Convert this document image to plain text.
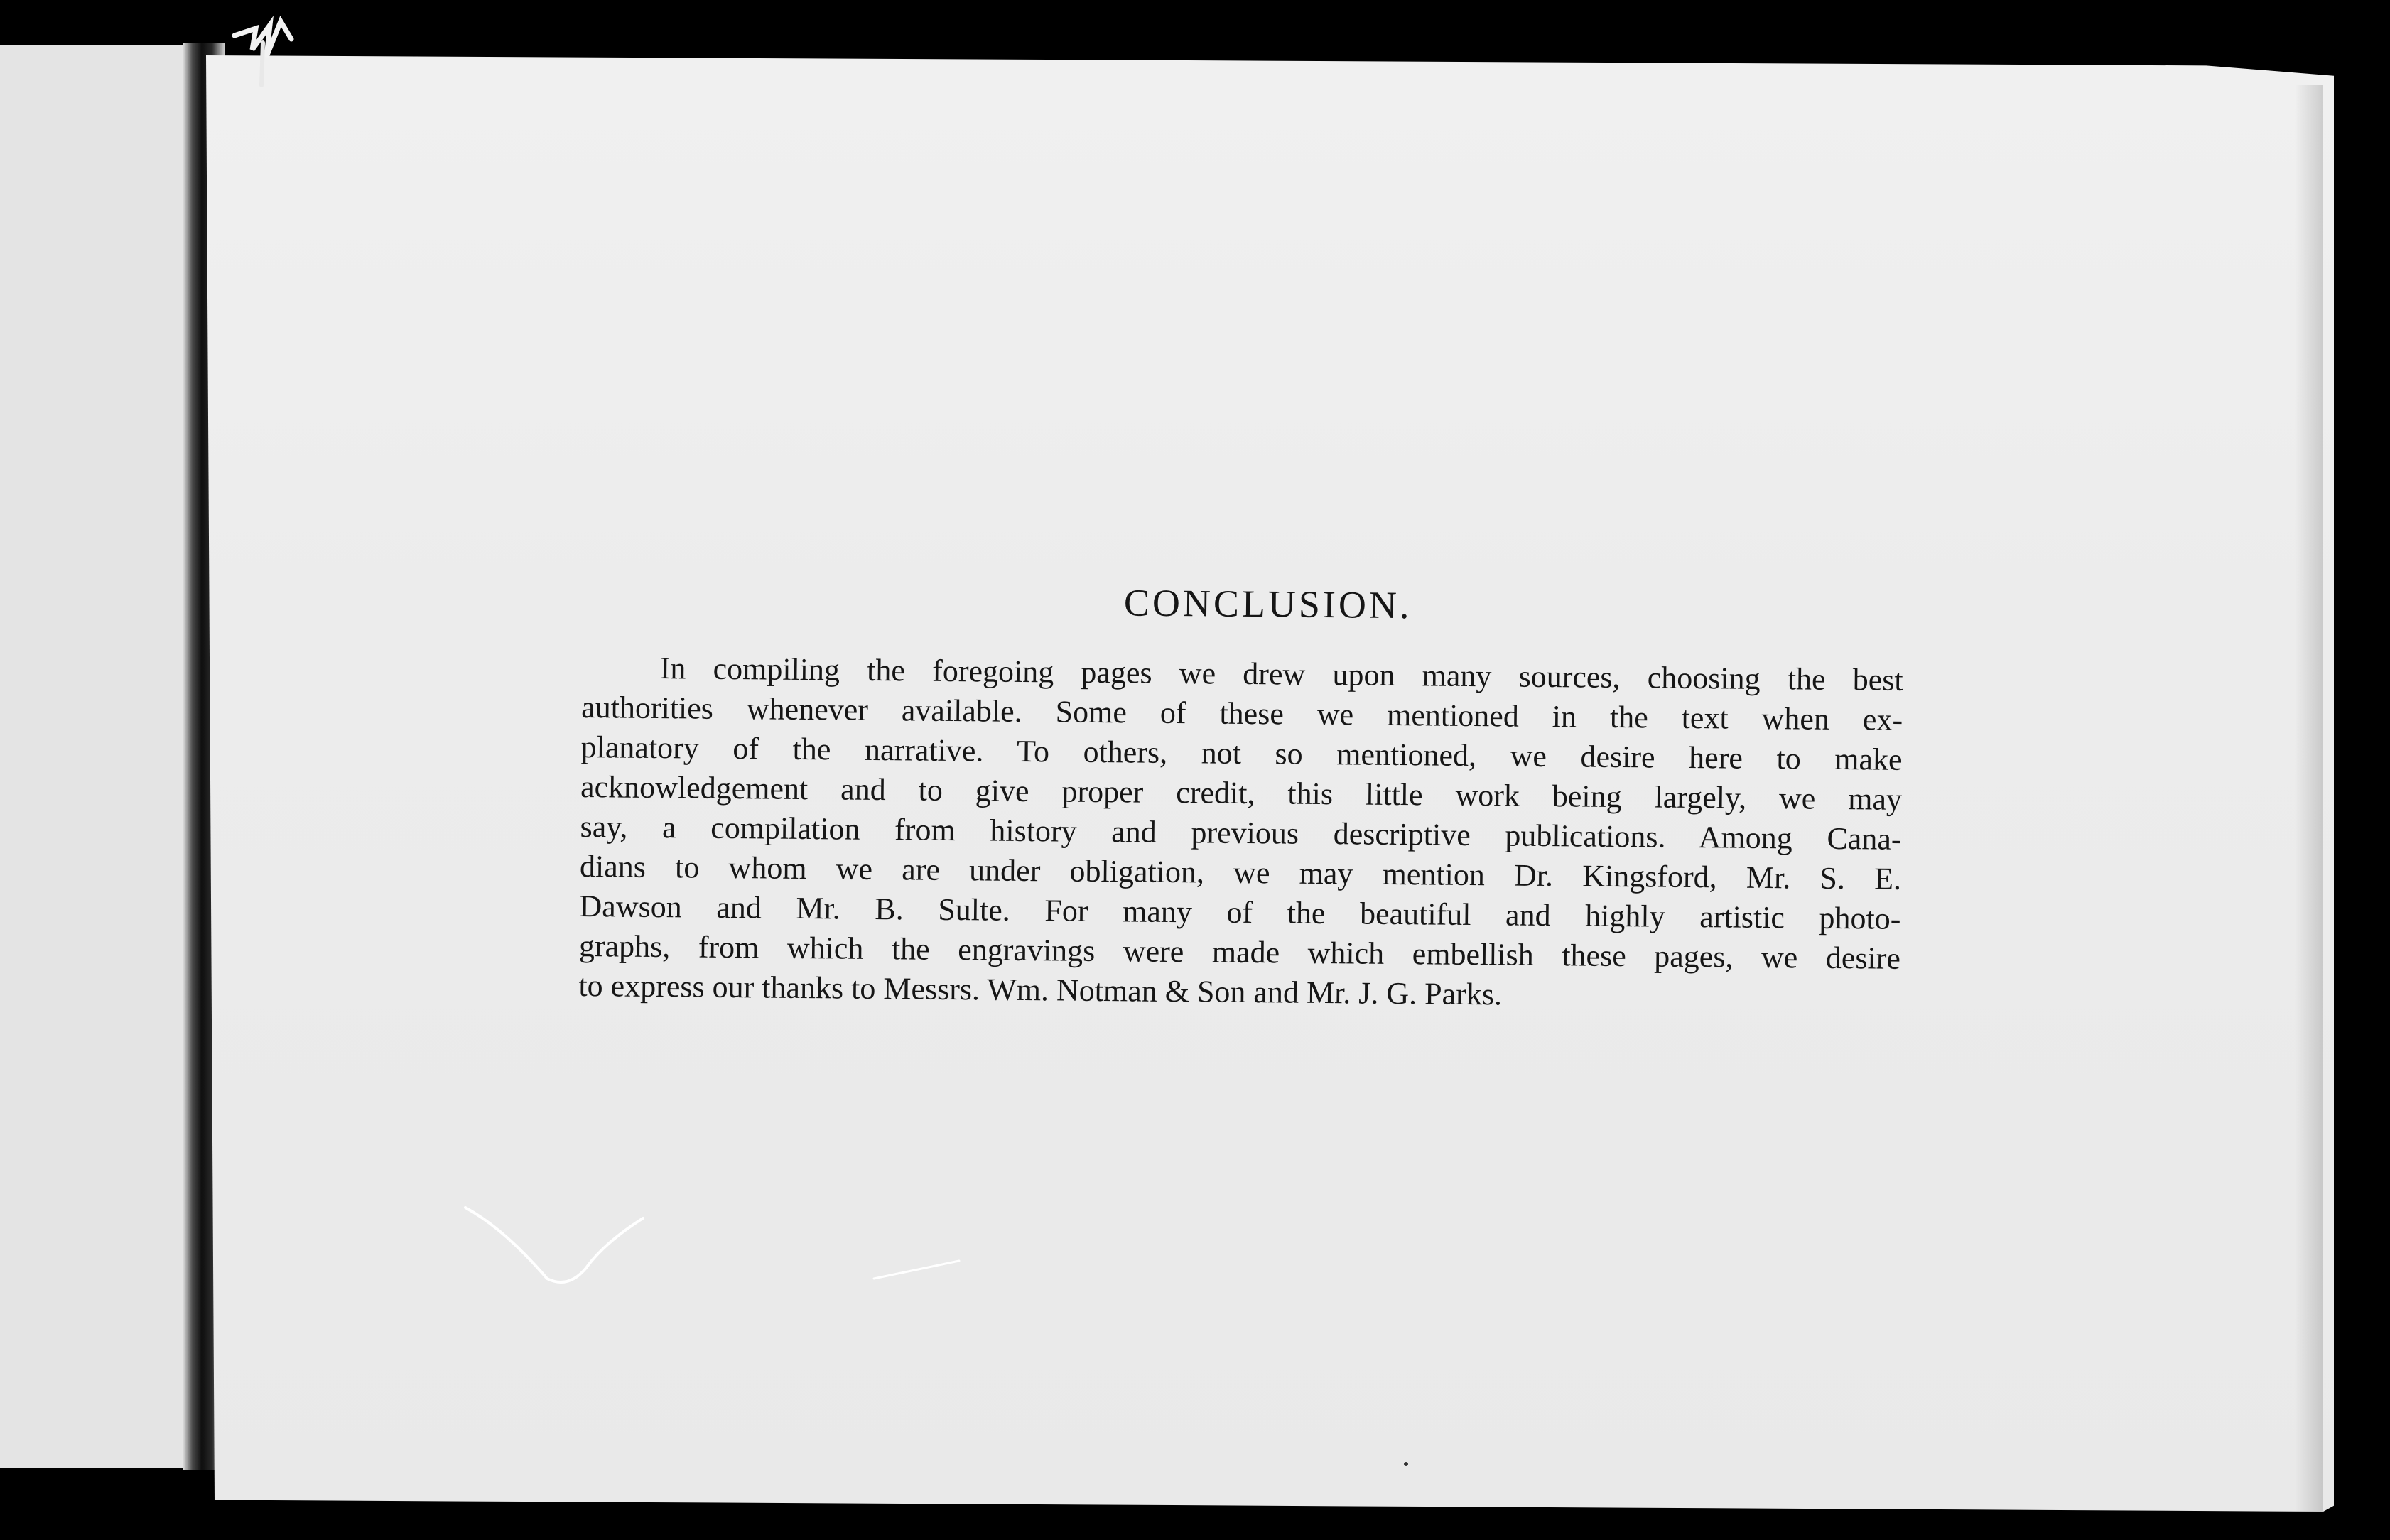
CONCLUSION.
In compiling the foregoing pages we drew upon many sources, choosing the best
authorities whenever available. Some of these we mentioned in the text when ex-
planatory of the narrative. To others, not so mentioned, we desire here to make
acknowledgement and to give proper credit, this little work being largely, we may
say, a compilation from history and previous descriptive publications. Among Cana-
dians to whom we are under obligation, we may mention Dr. Kingsford, Mr. S. E.
Dawson and Mr. B. Sulte. For many of the beautiful and highly artistic photo-
graphs, from which the engravings were made which embellish these pages, we desire
to express our thanks to Messrs. Wm. Notman & Son and Mr. J. G. Parks.
